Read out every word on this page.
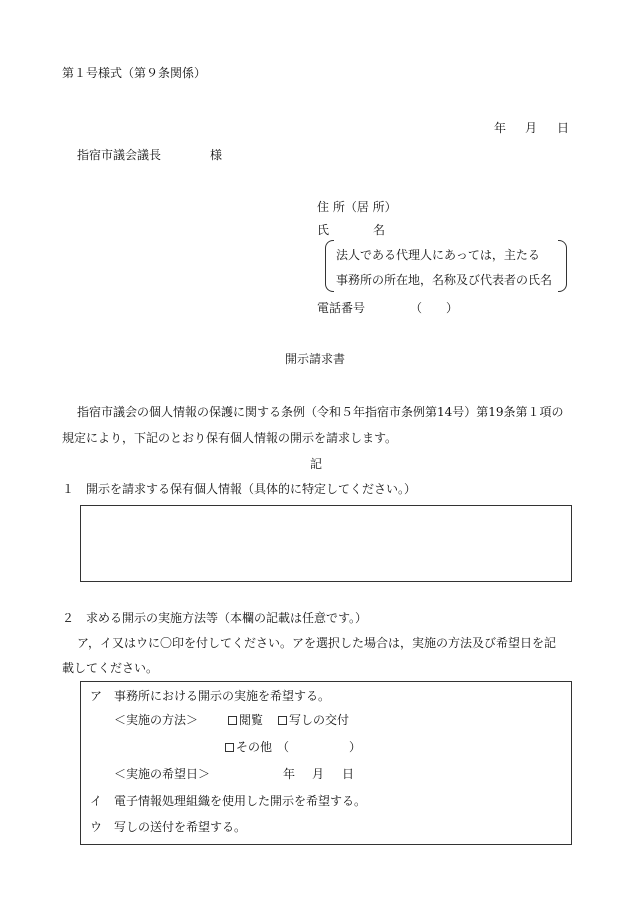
第１号様式（第９条関係）
年 月 日
指宿市議会議長	様
住 所（居 所）
氏	名
法人である代理人にあっては，主たる
事務所の所在地，名称及び代表者の氏名
電話番号	（　　）
開示請求書
指宿市議会の個人情報の保護に関する条例（令和５年指宿市条例第14号）第19条第１項の
規定により，下記のとおり保有個人情報の開示を請求します。
記
１　開示を請求する保有個人情報（具体的に特定してください。）
２　求める開示の実施方法等（本欄の記載は任意です。）
ア，イ又はウに〇印を付してください。アを選択した場合は，実施の方法及び希望日を記
載してください。
ア　事務所における開示の実施を希望する。
＜実施の方法＞	閲覧	写しの交付
その他 （　　　　　）
＜実施の希望日＞	年 月 日
イ　電子情報処理組織を使用した開示を希望する。
ウ　写しの送付を希望する。
